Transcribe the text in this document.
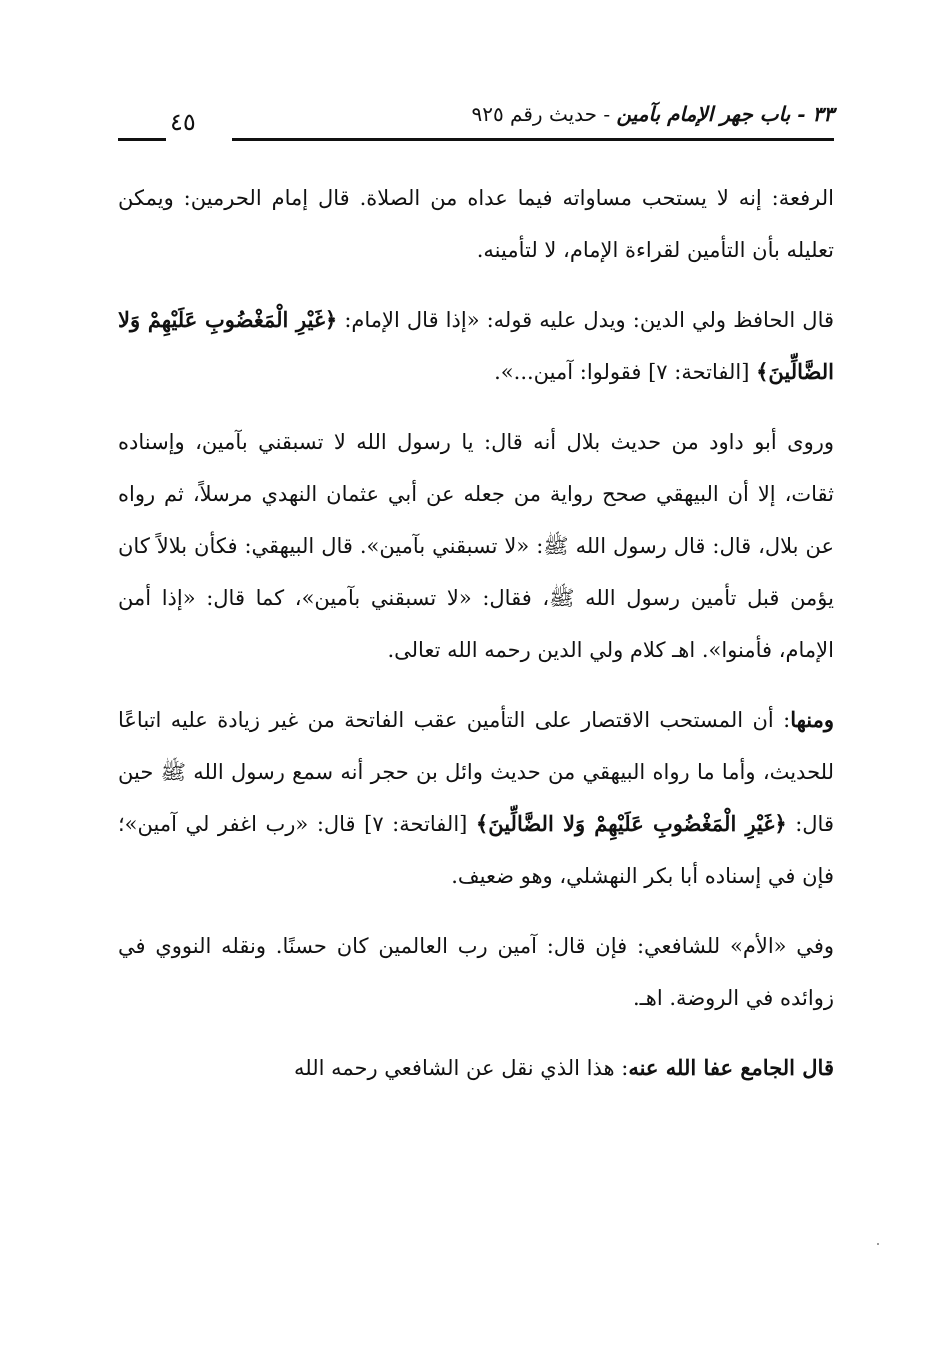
٣٣ - باب جهر الإمام بآمين - حديث رقم ٩٢٥
٤٥

الرفعة: إنه لا يستحب مساواته فيما عداه من الصلاة. قال إمام الحرمين: ويمكن تعليله بأن التأمين لقراءة الإمام، لا لتأمينه.

قال الحافظ ولي الدين: ويدل عليه قوله: «إذا قال الإمام: ﴿غَيْرِ الْمَغْضُوبِ عَلَيْهِمْ وَلا الضَّالِّينَ﴾ [الفاتحة: ٧] فقولوا: آمين...».

وروى أبو داود من حديث بلال أنه قال: يا رسول الله لا تسبقني بآمين، وإسناده ثقات، إلا أن البيهقي صحح رواية من جعله عن أبي عثمان النهدي مرسلاً، ثم رواه عن بلال، قال: قال رسول الله ﷺ: «لا تسبقني بآمين». قال البيهقي: فكأن بلالاً كان يؤمن قبل تأمين رسول الله ﷺ، فقال: «لا تسبقني بآمين»، كما قال: «إذا أمن الإمام، فأمنوا». اهـ كلام ولي الدين رحمه الله تعالى.

ومنها: أن المستحب الاقتصار على التأمين عقب الفاتحة من غير زيادة عليه اتباعًا للحديث، وأما ما رواه البيهقي من حديث وائل بن حجر أنه سمع رسول الله ﷺ حين قال: ﴿غَيْرِ الْمَغْضُوبِ عَلَيْهِمْ وَلا الضَّالِّينَ﴾ [الفاتحة: ٧] قال: «رب اغفر لي آمين»؛ فإن في إسناده أبا بكر النهشلي، وهو ضعيف.

وفي «الأم» للشافعي: فإن قال: آمين رب العالمين كان حسنًا. ونقله النووي في زوائده في الروضة. اهـ.

قال الجامع عفا الله عنه: هذا الذي نقل عن الشافعي رحمه الله
